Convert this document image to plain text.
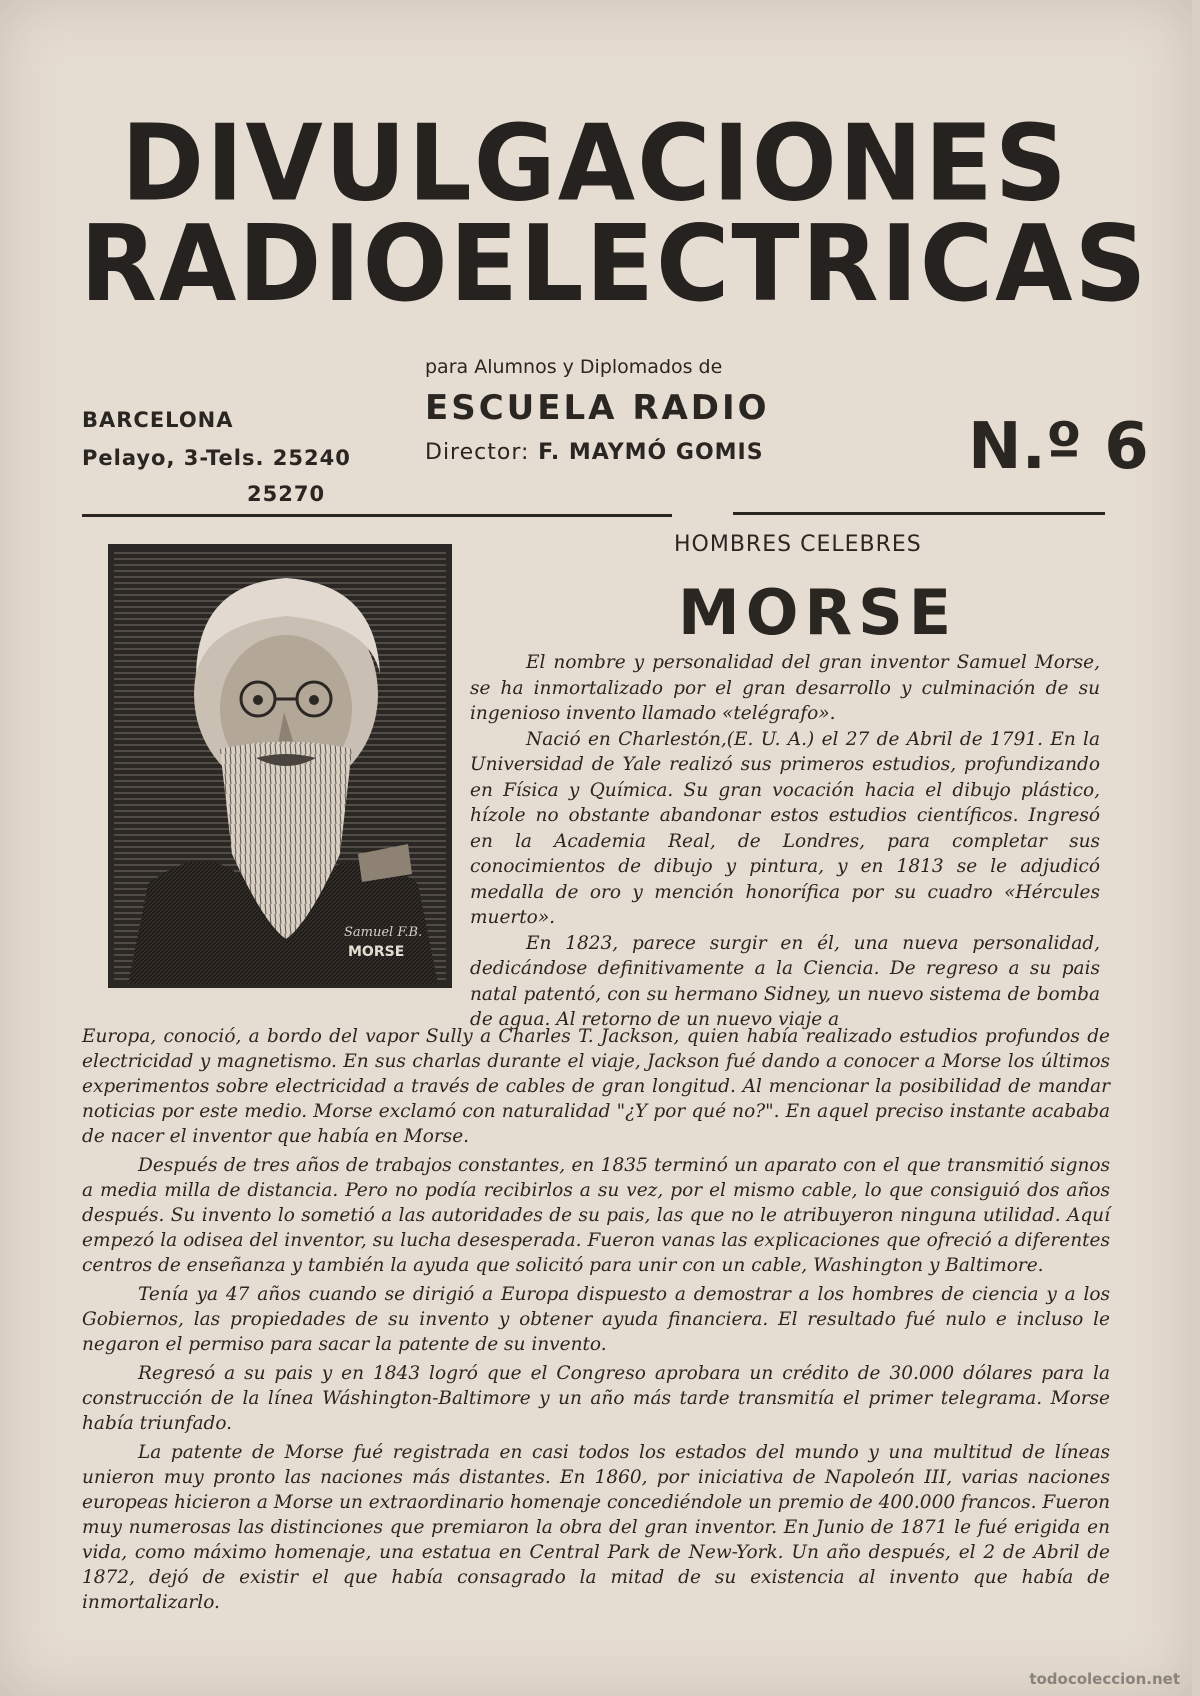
DIVULGACIONES
RADIOELECTRICAS
para Alumnos y Diplomados de
ESCUELA RADIO
Director: F. MAYMÓ GOMIS
BARCELONA
Pelayo, 3-Tels. 25240
25270
N.º 6
Samuel F.B.
MORSE
HOMBRES CELEBRES
MORSE

El nombre y personalidad del gran inventor Samuel Morse, se ha inmortalizado por el gran desarrollo y culminación de su ingenioso invento llamado «telégrafo».

Nació en Charlestón,(E. U. A.) el 27 de Abril de 1791. En la Universidad de Yale realizó sus primeros estudios, profundizando en Física y Química. Su gran vocación hacia el dibujo plástico, hízole no obstante abandonar estos estudios científicos. Ingresó en la Academia Real, de Londres, para completar sus conocimientos de dibujo y pintura, y en 1813 se le adjudicó medalla de oro y mención honorífica por su cuadro «Hércules muerto».

En 1823, parece surgir en él, una nueva personalidad, dedicándose definitivamente a la Ciencia. De regreso a su pais natal patentó, con su hermano Sidney, un nuevo sistema de bomba de agua. Al retorno de un nuevo viaje a

Europa, conoció, a bordo del vapor Sully a Charles T. Jackson, quien había realizado estudios profundos de electricidad y magnetismo. En sus charlas durante el viaje, Jackson fué dando a conocer a Morse los últimos experimentos sobre electricidad a través de cables de gran longitud. Al mencionar la posibilidad de mandar noticias por este medio. Morse exclamó con naturalidad "¿Y por qué no?". En aquel preciso instante acababa de nacer el inventor que había en Morse.

Después de tres años de trabajos constantes, en 1835 terminó un aparato con el que transmitió signos a media milla de distancia. Pero no podía recibirlos a su vez, por el mismo cable, lo que consiguió dos años después. Su invento lo sometió a las autoridades de su pais, las que no le atribuyeron ninguna utilidad. Aquí empezó la odisea del inventor, su lucha desesperada. Fueron vanas las explicaciones que ofreció a diferentes centros de enseñanza y también la ayuda que solicitó para unir con un cable, Washington y Baltimore.

Tenía ya 47 años cuando se dirigió a Europa dispuesto a demostrar a los hombres de ciencia y a los Gobiernos, las propiedades de su invento y obtener ayuda financiera. El resultado fué nulo e incluso le negaron el permiso para sacar la patente de su invento.

Regresó a su pais y en 1843 logró que el Congreso aprobara un crédito de 30.000 dólares para la construcción de la línea Wáshington-Baltimore y un año más tarde transmitía el primer telegrama. Morse había triunfado.

La patente de Morse fué registrada en casi todos los estados del mundo y una multitud de líneas unieron muy pronto las naciones más distantes. En 1860, por iniciativa de Napoleón III, varias naciones europeas hicieron a Morse un extraordinario homenaje concediéndole un premio de 400.000 francos. Fueron muy numerosas las distinciones que premiaron la obra del gran inventor. En Junio de 1871 le fué erigida en vida, como máximo homenaje, una estatua en Central Park de New-York. Un año después, el 2 de Abril de 1872, dejó de existir el que había consagrado la mitad de su existencia al invento que había de inmortalizarlo.

todocoleccion.net
